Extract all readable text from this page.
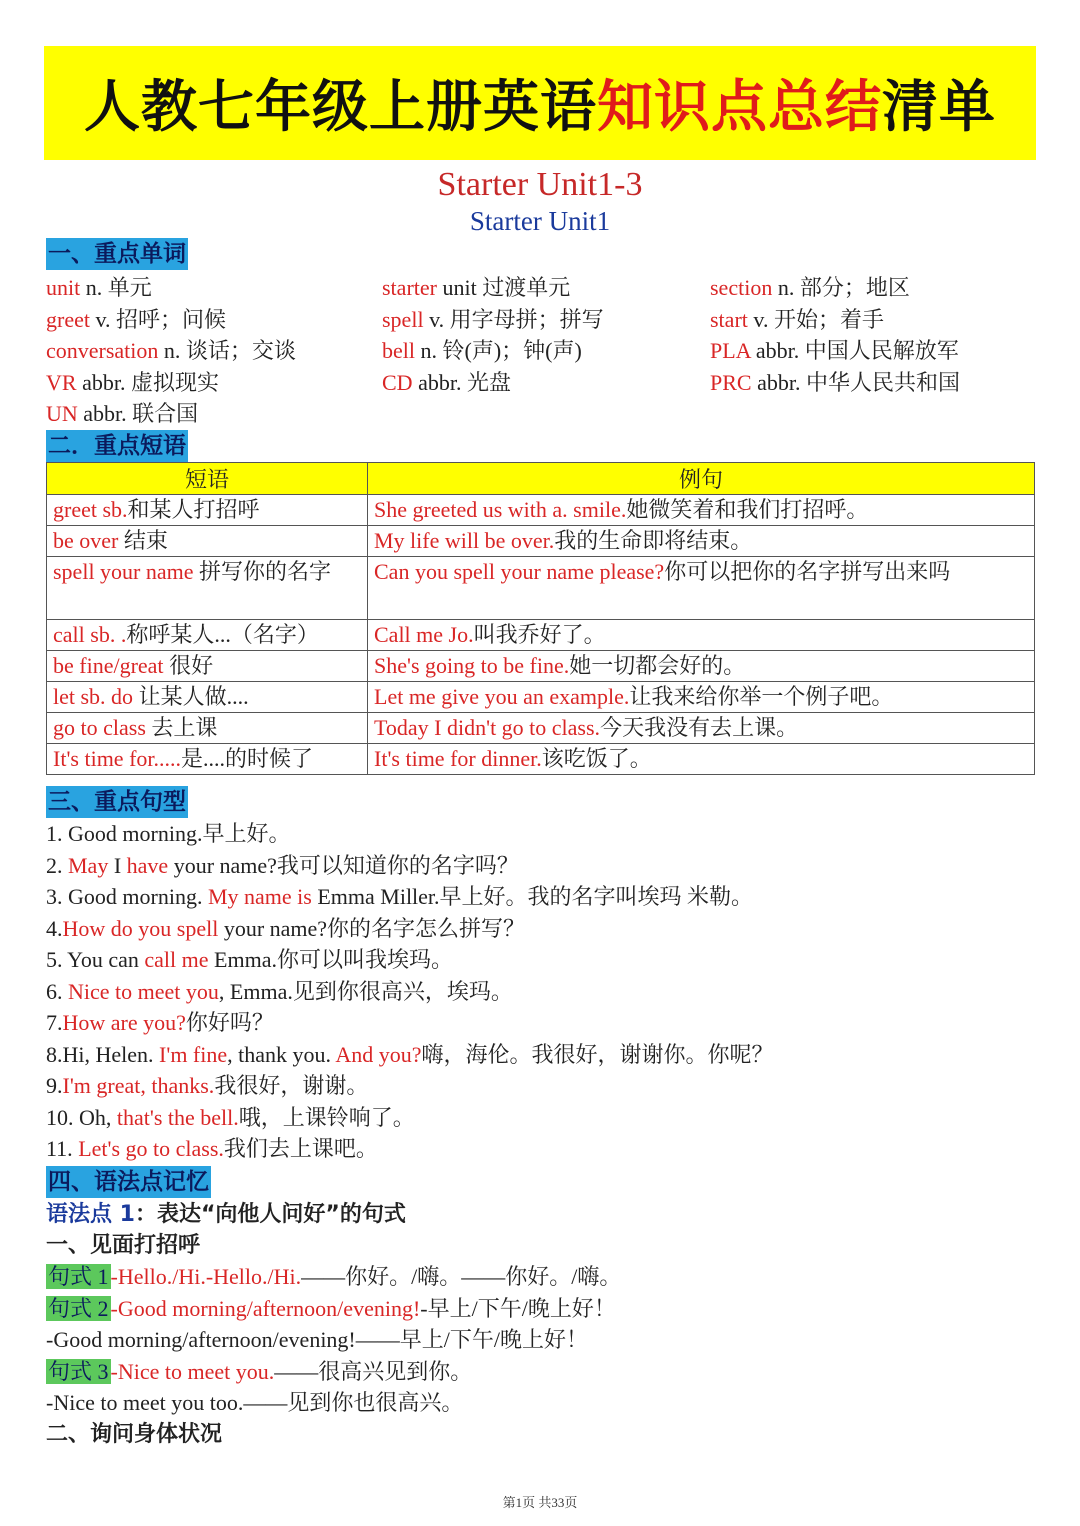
人教七年级上册英语 知识点总结 清单
Starter Unit1-3
Starter Unit1
一、重点单词
unit n. 单元	starter unit 过渡单元	section n. 部分；地区
greet v. 招呼；问候	spell v. 用字母拼；拼写	start v. 开始；着手
conversation n. 谈话；交谈	bell n. 铃(声)；钟(声)	PLA abbr. 中国人民解放军
VR abbr. 虚拟现实	CD abbr. 光盘	PRC abbr. 中华人民共和国
UN abbr. 联合国
二．重点短语
短语	例句
greet sb.和某人打招呼	She greeted us with a. smile.她微笑着和我们打招呼。
be over 结束	My life will be over.我的生命即将结束。
spell your name 拼写你的名字	Can you spell your name please?你可以把你的名字拼写出来吗
call sb. .称呼某人...（名字）	Call me Jo.叫我乔好了。
be fine/great 很好	She's going to be fine.她一切都会好的。
let sb. do 让某人做....	Let me give you an example.让我来给你举一个例子吧。
go to class 去上课	Today I didn't go to class.今天我没有去上课。
It's time for.....是....的时候了	It's time for dinner.该吃饭了。
三、重点句型
1. Good morning.早上好。
2. May I have your name?我可以知道你的名字吗？
3. Good morning. My name is Emma Miller.早上好。我的名字叫埃玛 米勒。
4.How do you spell your name?你的名字怎么拼写？
5. You can call me Emma.你可以叫我埃玛。
6. Nice to meet you, Emma.见到你很高兴，埃玛。
7.How are you?你好吗？
8.Hi, Helen. I'm fine, thank you. And you?嗨，海伦。我很好，谢谢你。你呢？
9.I'm great, thanks.我很好，谢谢。
10. Oh, that's the bell.哦，上课铃响了。
11. Let's go to class.我们去上课吧。
四、语法点记忆
语法点 1：表达“向他人问好”的句式
一、见面打招呼
句式 1-Hello./Hi.-Hello./Hi.——你好。/嗨。——你好。/嗨。
句式 2-Good morning/afternoon/evening!-早上/下午/晚上好！
-Good morning/afternoon/evening!——早上/下午/晚上好！
句式 3-Nice to meet you.——很高兴见到你。
-Nice to meet you too.——见到你也很高兴。
二、询问身体状况
第1页 共33页
